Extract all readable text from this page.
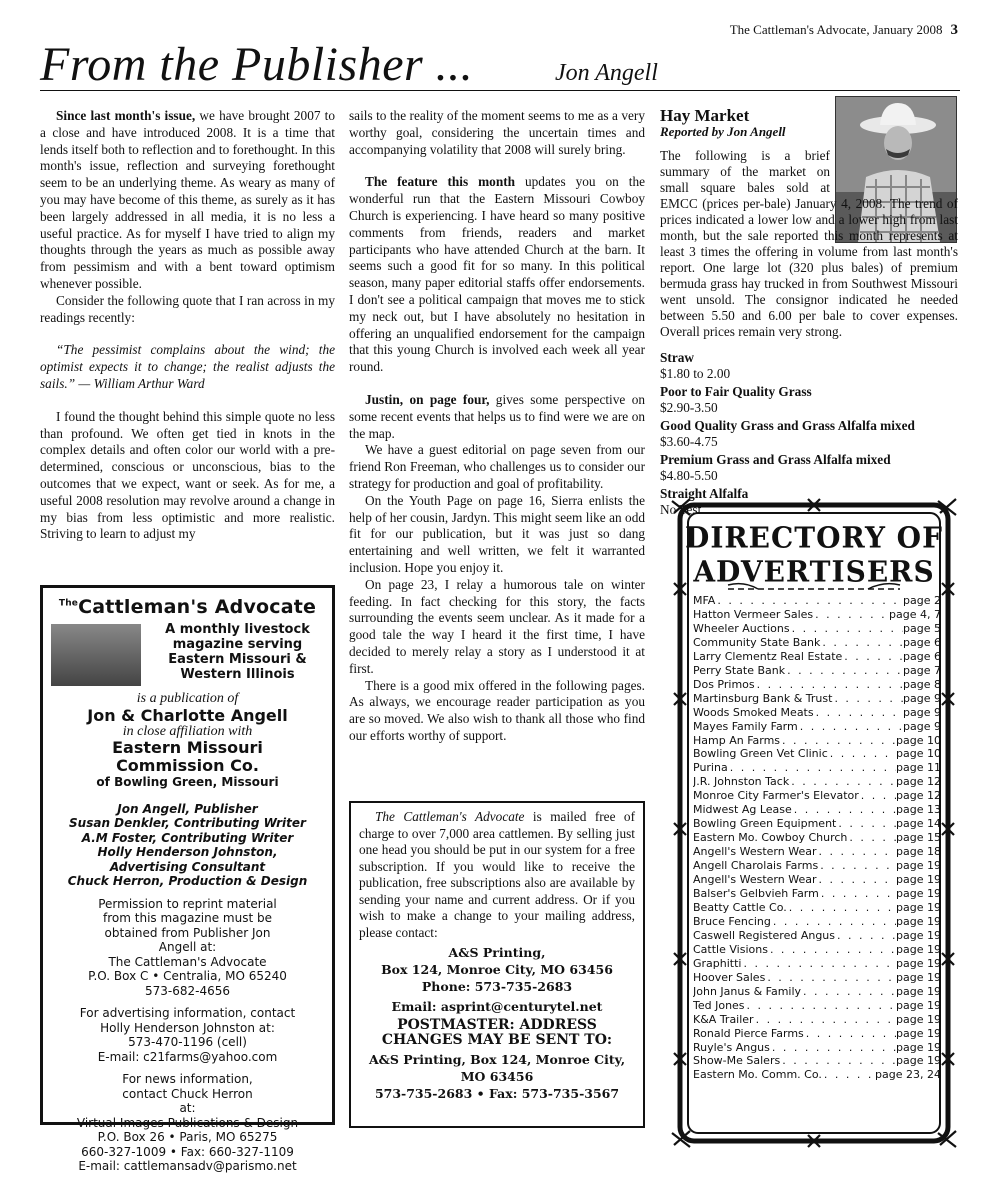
The Cattleman's Advocate, January 2008 3
From the Publisher ...	Jon Angell

Since last month's issue, we have brought 2007 to a close and have introduced 2008. It is a time that lends itself both to reflection and to forethought. In this month's issue, reflection and surveying forethought seem to be an underlying theme. As weary as many of you may have become of this theme, as surely as it has been largely addressed in all media, it is no less a useful practice. As for myself I have tried to align my thoughts through the years as much as possible away from pessimism and with a bent toward optimism whenever possible.

Consider the following quote that I ran across in my readings recently:

“The pessimist complains about the wind; the optimist expects it to change; the realist adjusts the sails.” — William Arthur Ward

I found the thought behind this simple quote no less than profound. We often get tied in knots in the complex details and often color our world with a pre-determined, conscious or unconscious, bias to the outcomes that we expect, want or seek. As for me, a useful 2008 resolution may revolve around a change in my bias from less optimistic and more realistic. Striving to learn to adjust my

sails to the reality of the moment seems to me as a very worthy goal, considering the uncertain times and accompanying volatility that 2008 will surely bring.

The feature this month updates you on the wonderful run that the Eastern Missouri Cowboy Church is experiencing. I have heard so many positive comments from friends, readers and market participants who have attended Church at the barn. It seems such a good fit for so many. In this political season, many paper editorial staffs offer endorsements. I don't see a political campaign that moves me to stick my neck out, but I have absolutely no hesitation in offering an unqualified endorsement for the campaign that this young Church is involved each week all year round.

Justin, on page four, gives some perspective on some recent events that helps us to find were we are on the map.

We have a guest editorial on page seven from our friend Ron Freeman, who challenges us to consider our strategy for production and goal of profitability.

On the Youth Page on page 16, Sierra enlists the help of her cousin, Jardyn. This might seem like an odd fit for our publication, but it was just so dang entertaining and well written, we felt it warranted inclusion. Hope you enjoy it.

On page 23, I relay a humorous tale on winter feeding. In fact checking for this story, the facts surrounding the events seem unclear. As it made for a good tale the way I heard it the first time, I have decided to merely relay a story as I understood it at first.

There is a good mix offered in the following pages. As always, we encourage reader participation as you are so moved. We also wish to thank all those who find our efforts worthy of support.

Hay Market
Reported by Jon Angell
The following is a brief summary of the market on small square bales sold at EMCC (prices per-bale) January 4, 2008. The trend of prices indicated a lower low and a lower high from last month, but the sale reported this month represents at least 3 times the offering in volume from last month's report. One large lot (320 plus bales) of premium bermuda grass hay trucked in from Southwest Missouri went unsold. The consignor indicated he needed between 5.50 and 6.00 per bale to cover expenses. Overall prices remain very strong.
Straw
$1.80 to 2.00
Poor to Fair Quality Grass
$2.90-3.50
Good Quality Grass and Grass Alfalfa mixed
$3.60-4.75
Premium Grass and Grass Alfalfa mixed
$4.80-5.50
Straight Alfalfa
No Test
$^{The}$Cattleman's Advocate
A monthly livestock magazine serving Eastern Missouri & Western Illinois
is a publication of
Jon & Charlotte Angell
in close affiliation with
Eastern Missouri Commission Co.
of Bowling Green, Missouri
Jon Angell, Publisher
Susan Denkler, Contributing Writer
A.M Foster, Contributing Writer
Holly Henderson Johnston, Advertising Consultant
Chuck Herron, Production & Design
Permission to reprint material from this magazine must be obtained from Publisher Jon Angell at:
The Cattleman's Advocate
P.O. Box C • Centralia, MO 65240
573-682-4656
For advertising information, contact Holly Henderson Johnston at:
573-470-1196 (cell)
E-mail: c21farms@yahoo.com
For news information, contact Chuck Herron at:
Virtual Images Publications & Design
P.O. Box 26 • Paris, MO 65275
660-327-1009 • Fax: 660-327-1109
E-mail: cattlemansadv@parismo.net
The Cattleman's Advocate is mailed free of charge to over 7,000 area cattlemen. By selling just one head you should be put in our system for a free subscription. If you would like to receive the publication, free subscriptions also are available by sending your name and current address. Or if you wish to make a change to your mailing address, please contact:
A&S Printing,
Box 124, Monroe City, MO 63456
Phone: 573-735-2683
Email: asprint@centurytel.net
POSTMASTER: ADDRESS CHANGES MAY BE SENT TO:
A&S Printing, Box 124, Monroe City, MO 63456
573-735-2683 • Fax: 573-735-3567
DIRECTORY OF
ADVERTISERS
MFA . . .	page 2
Hatton Vermeer Sales . . .	page 4, 7
Wheeler Auctions . . .	page 5
Community State Bank . . .	page 6
Larry Clementz Real Estate . . .	page 6
Perry State Bank . . .	page 7
Dos Primos . . .	page 8
Martinsburg Bank & Trust . . .	page 9
Woods Smoked Meats . . .	page 9
Mayes Family Farm . . .	page 9
Hamp An Farms . . .	page 10
Bowling Green Vet Clinic . . .	page 10
Purina . . .	page 11
J.R. Johnston Tack . . .	page 12
Monroe City Farmer's Elevator . . .	page 12
Midwest Ag Lease . . .	page 13
Bowling Green Equipment . . .	page 14
Eastern Mo. Cowboy Church . . .	page 15
Angell's Western Wear . . .	page 18
Angell Charolais Farms . . .	page 19
Angell's Western Wear . . .	page 19
Balser's Gelbvieh Farm . . .	page 19
Beatty Cattle Co. . . .	page 19
Bruce Fencing . . .	page 19
Caswell Registered Angus . . .	page 19
Cattle Visions . . .	page 19
Graphitti . . .	page 19
Hoover Sales . . .	page 19
John Janus & Family . . .	page 19
Ted Jones . . .	page 19
K&A Trailer . . .	page 19
Ronald Pierce Farms . . .	page 19
Ruyle's Angus . . .	page 19
Show-Me Salers . . .	page 19
Eastern Mo. Comm. Co. . . .	page 23, 24
